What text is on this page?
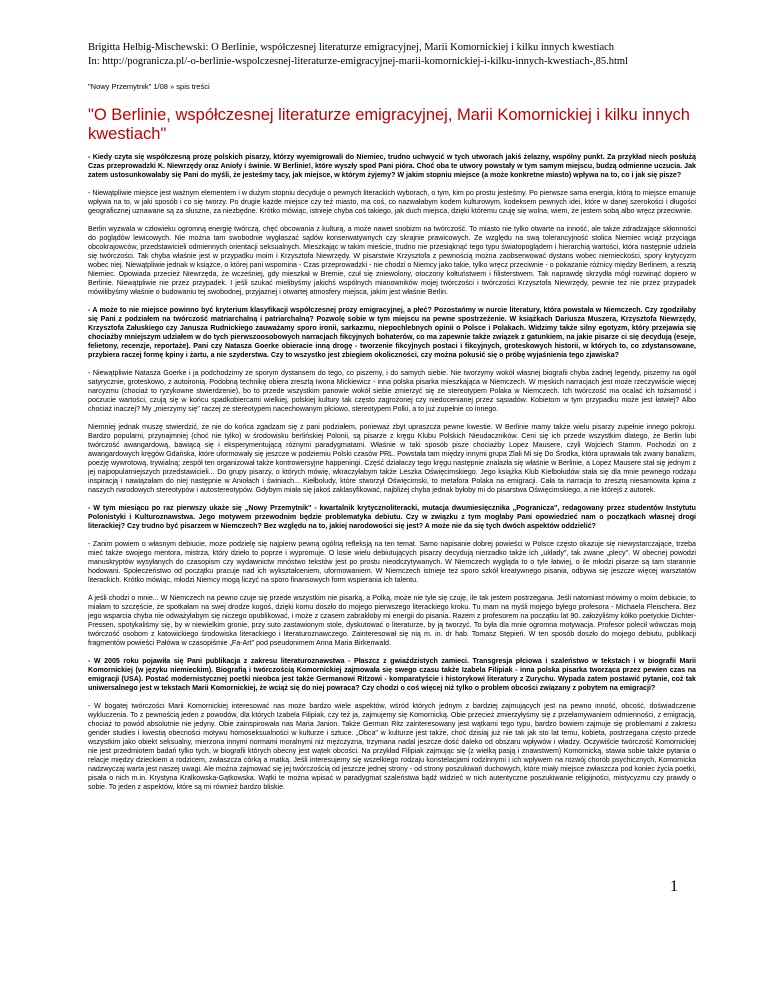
Brigitta Helbig-Mischewski: O Berlinie, współczesnej literaturze emigracyjnej, Marii Komornickiej i kilku innych kwestiach
In: http://pogranicza.pl/-o-berlinie-wspolczesnej-literaturze-emigracyjnej-marii-komornickiej-i-kilku-innych-kwestiach-,85.html
"Nowy Przemytnik" 1/08 » spis treści
"O Berlinie, współczesnej literaturze emigracyjnej, Marii Komornickiej i kilku innych kwestiach"

- Kiedy czyta się współczesną prozę polskich pisarzy, którzy wyemigrowali do Niemiec, trudno uchwycić w tych utworach jakiś żelazny, wspólny punkt. Za przykład niech posłużą Czas przeprowadzki K. Niewrzędy oraz Anioły i świnie. W Berlinie!, które wyszły spod Pani pióra. Choć oba te utwory powstały w tym samym miejscu, budzą odmienne uczucia. Jak zatem ustosunkowałaby się Pani do myśli, że jesteśmy tacy, jak miejsce, w którym żyjemy? W jakim stopniu miejsce (a może konkretne miasto) wpływa na to, co i jak się pisze?

- Niewątpliwie miejsce jest ważnym elementem i w dużym stopniu decyduje o pewnych literackich wyborach, o tym, kim po prostu jesteśmy. Po pierwsze sama energia, którą to miejsce emanuje wpływa na to, w jaki sposób i co się tworzy. Po drugie każde miejsce czy też miasto, ma coś, co nazwałabym kodem kulturowym, kodeksem pewnych idei, które w danej szerokości i długości geograficznej uznawane są za słuszne, za niezbędne. Krótko mówiąc, istnieje chyba coś takiego, jak duch miejsca, dzięki któremu czuję się wolna, wiem, że jestem sobą albo wręcz przeciwnie.

Berlin wyzwala w człowieku ogromną energię twórczą, chęć obcowania z kulturą, a może nawet snobizm na twórczość. To miasto nie tylko otwarte na inność, ale także zdradzające skłonności do poglądów lewicowych. Nie można tam swobodnie wygłaszać sądów konserwatywnych czy skrajnie prawicowych. Ze względu na swą tolerancyjność stolica Niemiec wciąż przyciąga obcokrajowców, przedstawicieli odmiennych orientacji seksualnych. Mieszkając w takim mieście, trudno nie przesiąknąć tego typu światopoglądem i hierarchią wartości, która następnie udziela się twórczości. Tak chyba właśnie jest w przypadku moim i Krzysztofa Niewrzędy. W pisarstwie Krzysztofa z pewnością można zaobserwować dystans wobec niemieckości, spory krytycyzm wobec niej. Niewątpliwie jednak w książce, o której pani wspomina - Czas przeprowadzki - nie chodzi o Niemcy jako takie, tylko wręcz przeciwnie - o pokazanie różnicy między Berlinem, a resztą Niemiec. Opowiada przecież Niewrzęda, że wcześniej, gdy mieszkał w Bremie, czuł się zniewolony, otoczony kołtuństwem i filisterstwem. Tak naprawdę skrzydła mógł rozwinąć dopiero w Berlinie. Niewątpliwie nie przez przypadek. I jeśli szukać mielibyśmy jakichś wspólnych mianowników mojej twórczości i twórczości Krzysztofa Niewrzędy, pewnie też nie przez przypadek mówilibyśmy właśnie o budowaniu tej swobodnej, przyjaznej i otwartej atmosfery miejsca, jakim jest właśnie Berlin.

- A może to nie miejsce powinno być kryterium klasyfikacji współczesnej prozy emigracyjnej, a płeć? Pozostańmy w nurcie literatury, która powstała w Niemczech. Czy zgodziłaby się Pani z podziałem na twórczość matriarchalną i patriarchalną? Pozwolę sobie w tym miejscu na pewne spostrzeżenie. W książkach Dariusza Muszera, Krzysztofa Niewrzędy, Krzysztofa Załuskiego czy Janusza Rudnickiego zauważamy sporo ironii, sarkazmu, niepochlebnych opinii o Polsce i Polakach. Widzimy także silny egotyzm, który przejawia się chociażby mniejszym udziałem w do tych pierwszoosobowych narracjach fikcyjnych bohaterów, co ma zapewnie także związek z gatunkiem, na jakie pisarze ci się decydują (eseje, felietony, recenzje, reportaże). Pani czy Natasza Goerke obieracie inną drogę - tworzenie fikcyjnych postaci i fikcyjnych, groteskowych historii, w których to, co zdystansowane, przybiera raczej formę kpiny i żartu, a nie szyderstwa. Czy to wszystko jest zbiegiem okoliczności, czy można pokusić się o próbę wyjaśnienia tego zjawiska?

- Niewątpliwie Natasza Goerke i ja podchodzimy ze sporym dystansem do tego, co piszemy, i do samych siebie. Nie tworzymy wokół własnej biografii chyba żadnej legendy, piszemy na ogół satyrycznie, groteskowo, z autoironią. Podobną technikę obiera zresztą Iwona Mickiewicz - inna polska pisarka mieszkająca w Niemczech. W męskich narracjach jest może rzeczywiście więcej narcyzmu (chociaż to ryzykowne stwierdzenie), bo to przede wszystkim panowie wokół siebie zmierzyć się ze stereotypem Polaka w Niemczech. Ich twórczość ma ocalać ich tożsamość i poczucie wartości, czują się w końcu spadkobiercami wielkiej, polskiej kultury tak często zagrożonej czy niedocenianej przez sąsiadów. Kobietom w tym przypadku może jest łatwiej? Albo chociaż inaczej? My „mierzymy się" raczej ze stereotypem nacechowanym płciowo, stereotypem Polki, a to już zupełnie co innego.

Niemniej jednak muszę stwierdzić, że nie do końca zgadzam się z pani podziałem, ponieważ zbyt upraszcza pewne kwestie. W Berlinie mamy także wielu pisarzy zupełnie innego pokroju. Bardzo popularni, przynajmniej (choć nie tylko) w środowisku berlińskiej Polonii, są pisarze z kręgu Klubu Polskich Nieudaczników. Ceni się ich przede wszystkim dlatego, że Berlin lubi twórczość awangardową, bawiącą się i eksperymentującą różnymi paradygmatami. Właśnie w taki sposób pisze chociażby Lopez Mausere, czyli Wojciech Stamm. Pochodzi on z awangardowych kręgów Gdańska, które uformowały się jeszcze w podziemiu Polski czasów PRL. Powstała tam między innymi grupa Zlali Mi się Do Środka, która uprawiała tak zwany banalizm, poezję wywrotową, trywialną; zespół ten organizował także kontrowersyjne happeningi. Część działaczy tego kręgu następnie znalazła się właśnie w Berlinie, a Lopez Mausere stał się jednym z jej najpopularniejszych przedstawicieli... Do grupy pisarzy, o których mówię, wkraczyłabym także Leszka Oświęcimskiego. Jego książka Klub Kielbołudów stała się dla mnie pewnego rodzaju inspiracją i nawiązałam do niej następnie w Aniołach i świniach... Kiełboludy, które stworzył Oświęcimski, to metafora Polaka na emigracji. Cała ta narracja to zresztą niesamowita kpina z naszych narodowych stereotypów i autostereotypów. Gdybym miała się jakoś zaklasyfikować, najbliżej chyba jednak byłoby mi do pisarstwa Oświęcimskiego, a nie którejś z autorek.

- W tym miesiącu po raz pierwszy ukaże się „Nowy Przemytnik" - kwartalnik krytycznoliteracki, mutacja dwumiesięcznika „Pogranicza", redagowany przez studentów Instytutu Polonistyki i Kulturoznawstwa. Jego motywem przewodnim będzie problematyka debiutu. Czy w związku z tym mogłaby Pani opowiedzieć nam o początkach własnej drogi literackiej? Czy trudno być pisarzem w Niemczech? Bez względu na to, jakiej narodowości się jest? A może nie da się tych dwóch aspektów oddzielić?

- Zanim powiem o własnym debiucie, może podzielę się najpierw pewną ogólną refleksją na ten temat. Samo napisanie dobrej powieści w Polsce często okazuje się niewystarczające, trzeba mieć także swojego mentora, mistrza, który dzieło to poprze i wypromuje. O losie wielu debiutujących pisarzy decydują nierzadko także ich „układy", tak zwane „plecy". W obecnej powodzi manuskryptów wysyłanych do czasopism czy wydawnictw mnóstwo tekstów jest po prostu nieodczytywanych. W Niemczech wygląda to o tyle łatwiej, o ile młodzi pisarze są tam starannie hodowani. Społeczeństwo od początku pracuje nad ich wykształceniem, uformowaniem. W Niemczech istnieje też sporo szkół kreatywnego pisania, odbywa się jeszcze więcej warsztatów literackich. Krótko mówiąc, młodzi Niemcy mogą liczyć na sporo finansowych form wspierania ich talentu.

A jeśli chodzi o mnie... W Niemczech na pewno czuje się przede wszystkim nie pisarką, a Polką, może nie tyle się czuję, ile tak jestem postrzegana. Jeśli natomiast mówimy o moim debiucie, to miałam to szczęście, że spotkałam na swej drodze kogoś, dzięki komu doszło do mojego pierwszego literackiego kroku. Tu mam na myśli mojego byłego profesora - Michaela Fleischera. Bez jego wsparcia chyba nie odważyłabym się niczego opublikować, i może z czasem zabrakłoby mi energii do pisania. Razem z profesorem na początku lat 90. założyliśmy kółko poetyckie Dichter-Fressen, spotykaliśmy się, by w niewielkim gronie, przy suto zastawionym stole, dyskutować o literaturze, by ją tworzyć. To była dla mnie ogromna motywacja. Profesor polecił wówczas moją twórczość osobom z katowickiego środowiska literackiego i literaturoznawczego. Zainteresował się nią m. in. dr hab. Tomasz Stępień. W ten sposób doszło do mojego debiutu, publikacji fragmentów powieści Pałówa w czasopiśmie „Fa-Art" pod pseudonimem Anna Maria Birkenwald.

- W 2005 roku pojawiła się Pani publikacja z zakresu literaturoznawstwa - Płaszcz z gwiaździstych zamieci. Transgresja płciowa i szaleństwo w tekstach i w biografii Marii Komornickiej (w języku niemieckim). Biografią i twórczością Komornickiej zajmowała się swego czasu także Izabela Filipiak - inna polska pisarka tworząca przez pewien czas na emigracji (USA). Postać modernistycznej poetki nieobca jest także Germanowi Ritzowi - komparatyście i historykowi literatury z Zurychu. Wypada zatem postawić pytanie, coż tak uniwersalnego jest w tekstach Marii Komornickiej, że wciąż się do niej powraca? Czy chodzi o coś więcej niż tylko o problem obcości związany z pobytem na emigracji?

- W bogatej twórczości Marii Komornickiej interesować nas może bardzo wiele aspektów, wśród których jednym z bardziej zajmujących jest na pewno inność, obcość, doświadczenie wykluczenia. To z pewnością jeden z powodów, dla których Izabela Filipiak, czy też ja, zajmujemy się Komornicką. Obie przecież zmierzyłyśmy się z przełamywaniem odmienności, z emigracją, chociaż to powód absolutnie nie jedyny. Obie zainspirowała nas Maria Janion. Także German Ritz zainteresowany jest wątkami tego typu, bardzo bowiem zajmuje się problemami z zakresu gender studies i kwestią obecności motywu homoseksualności w kulturze i sztuce. „Obca" w kulturze jest także, choć dzisiaj już nie tak jak sto lat temu, kobieta, postrzegana często przede wszystkim jako obiekt seksualny, mierzona innymi normami moralnymi niż mężczyzna, trzymana nadal jeszcze dość daleko od obszaru wpływów i władzy. Oczywiście twórczość Komornickiej nie jest przedmiotem badań tylko tych, w biografii których obecny jest wątek obcości. Na przykład Filipiak zajmując się (z wielką pasją i znawstwem) Komornicką, stawia sobie także pytania o relacje między dzieckiem a rodzicem, zwłaszcza córką a matką. Jeśli interesujemy się wszelkiego rodzaju konstelacjami rodzinnymi i ich wpływem na rozwój chorób psychicznych, Komornicka nadzwyczaj warta jest naszej uwagi. Ale można zajmować się jej twórczością od jeszcze jednej strony - od strony poszukiwań duchowych, które miały miejsce zwłaszcza pod koniec życia poetki, pisała o nich m.in. Krystyna Kralkowska-Gątkowska. Wątki te można wpisać w paradygmat szaleństwa bądź widzieć w nich autentyczne poszukiwanie religijności, mistycyzmu czy prawdy o sobie. To jeden z aspektów, które są mi również bardzo bliskie.

1
